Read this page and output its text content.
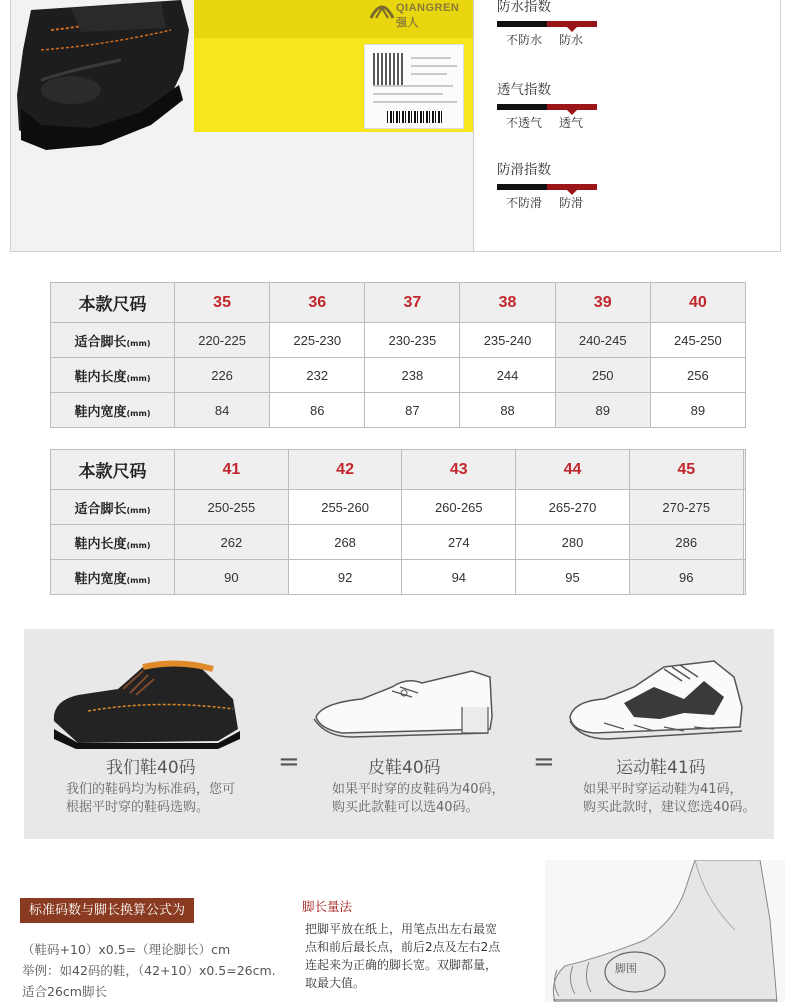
QIANGREN 强人
防水指数
不防水 防水
透气指数
不透气 透气
防滑指数
不防滑 防滑
本款尺码	35	36	37	38	39	40
适合脚长(mm)	220-225	225-230	230-235	235-240	240-245	245-250
鞋内长度(mm)	226	232	238	244	250	256
鞋内宽度(mm)	84	86	87	88	89	89
本款尺码	41	42	43	44	45	
适合脚长(mm)	250-255	255-260	260-265	265-270	270-275	
鞋内长度(mm)	262	268	274	280	286	
鞋内宽度(mm)	90	92	94	95	96	
我们鞋40码
我们的鞋码均为标准码，您可
根据平时穿的鞋码选购。
=	皮鞋40码
如果平时穿的皮鞋码为40码，
购买此款鞋可以选40码。
=	运动鞋41码
如果平时穿运动鞋为41码，
购买此款时，建议您选40码。
标准码数与脚长换算公式为
（鞋码+10）x0.5=（理论脚长）cm
举例：如42码的鞋，（42+10）x0.5=26cm.
适合26cm脚长
脚长量法
把脚平放在纸上，用笔点出左右最宽点和前后最长点，前后2点及左右2点连起来为正确的脚长宽。双脚都量，取最大值。
脚围
